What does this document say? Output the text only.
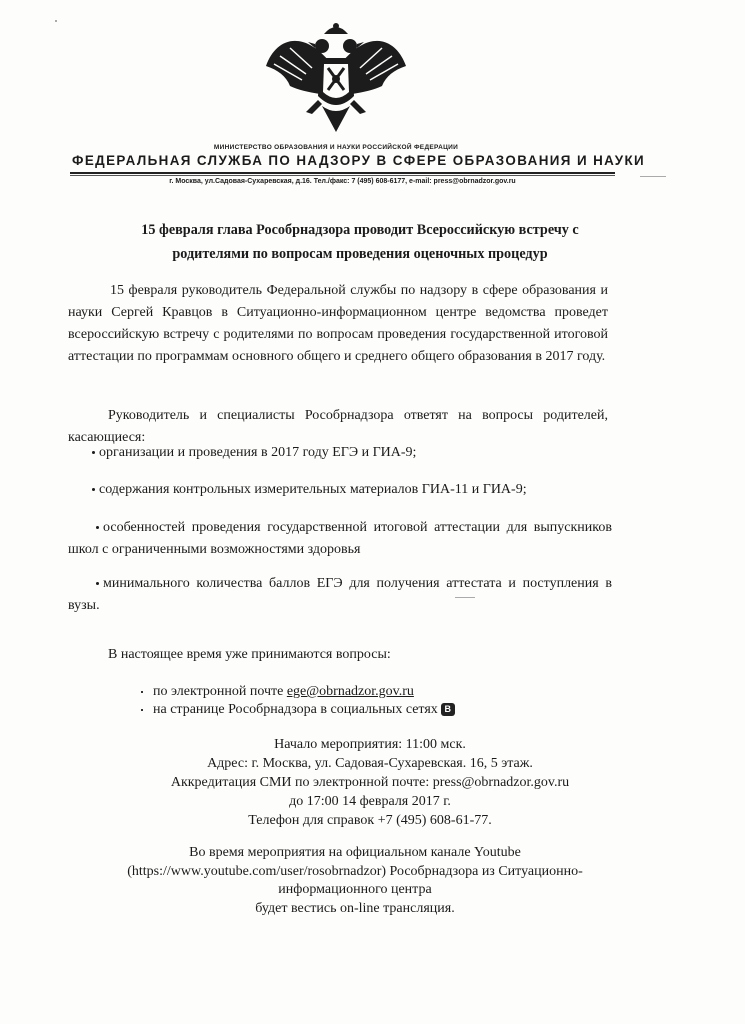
МИНИСТЕРСТВО ОБРАЗОВАНИЯ И НАУКИ РОССИЙСКОЙ ФЕДЕРАЦИИ
ФЕДЕРАЛЬНАЯ СЛУЖБА ПО НАДЗОРУ В СФЕРЕ ОБРАЗОВАНИЯ И НАУКИ
г. Москва, ул.Садовая-Сухаревская, д.16. Тел./факс: 7 (495) 608-6177, e-mail: press@obrnadzor.gov.ru
15 февраля глава Рособрнадзора проводит Всероссийскую встречу с родителями по вопросам проведения оценочных процедур
15 февраля руководитель Федеральной службы по надзору в сфере образования и науки Сергей Кравцов в Ситуационно-информационном центре ведомства проведет всероссийскую встречу с родителями по вопросам проведения государственной итоговой аттестации по программам основного общего и среднего общего образования в 2017 году.
Руководитель и специалисты Рособрнадзора ответят на вопросы родителей, касающиеся:
организации и проведения в 2017 году ЕГЭ и ГИА-9;
содержания контрольных измерительных материалов ГИА-11 и ГИА-9;
особенностей проведения государственной итоговой аттестации для выпускников школ с ограниченными возможностями здоровья
минимального количества баллов ЕГЭ для получения аттестата и поступления в вузы.
В настоящее время уже принимаются вопросы:
по электронной почте ege@obrnadzor.gov.ru
на странице Рособрнадзора в социальных сетях В
Начало мероприятия: 11:00 мск.
Адрес: г. Москва, ул. Садовая-Сухаревская. 16, 5 этаж.
Аккредитация СМИ по электронной почте: press@obrnadzor.gov.ru
до 17:00 14 февраля 2017 г.
Телефон для справок +7 (495) 608-61-77.
Во время мероприятия на официальном канале Youtube
(https://www.youtube.com/user/rosobrnadzor) Рособрнадзора из Ситуационно-
информационного центра
будет вестись on-line трансляция.
